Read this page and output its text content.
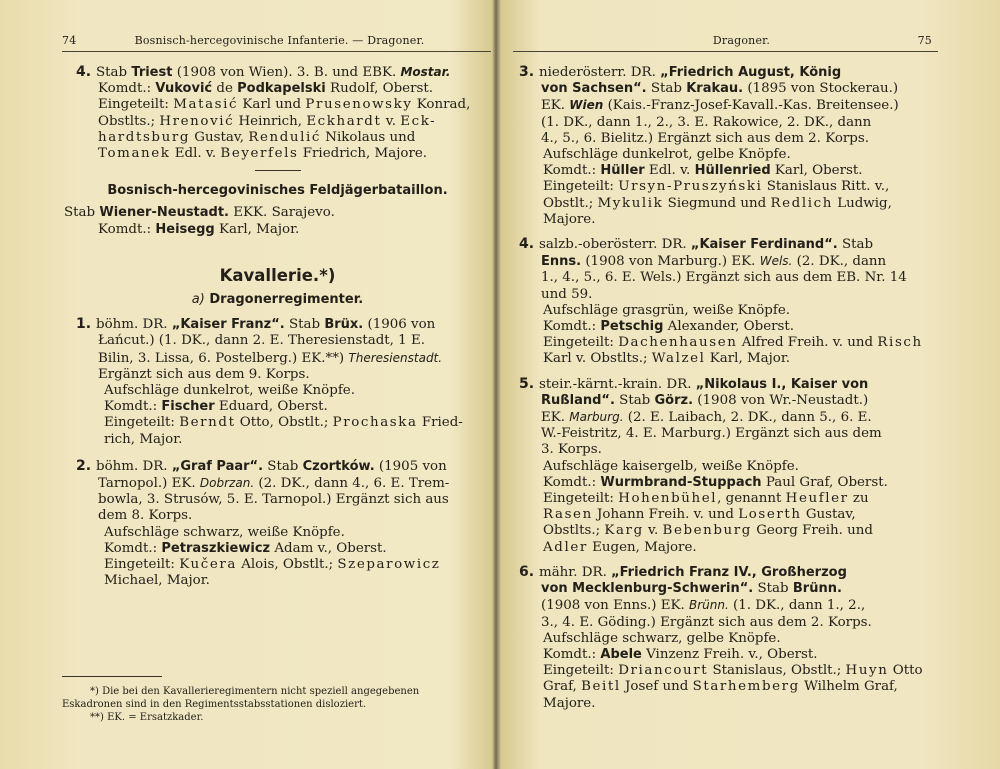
74	Bosnisch-hercegovinische Infanterie. — Dragoner.
4. Stab Triest (1908 von Wien). 3. B. und EBK. Mostar.
Komdt.: Vuković de Podkapelski Rudolf, Oberst.
Eingeteilt: Matasić Karl und Prusenowsky Konrad,
Obstlts.; Hrenović Heinrich, Eckhardt v. Eck-
hardtsburg Gustav, Rendulić Nikolaus und
Tomanek Edl. v. Beyerfels Friedrich, Majore.
Bosnisch-hercegovinisches Feldjägerbataillon.
Stab Wiener-Neustadt. EKK. Sarajevo.
Komdt.: Heisegg Karl, Major.
Kavallerie.*)
a) Dragonerregimenter.
1. böhm. DR. „Kaiser Franz“. Stab Brüx. (1906 von
Łańcut.) (1. DK., dann 2. E. Theresienstadt, 1 E.
Bilin, 3. Lissa, 6. Postelberg.) EK.**) Theresienstadt.
Ergänzt sich aus dem 9. Korps.
Aufschläge dunkelrot, weiße Knöpfe.
Komdt.: Fischer Eduard, Oberst.
Eingeteilt: Berndt Otto, Obstlt.; Prochaska Fried-
rich, Major.
2. böhm. DR. „Graf Paar“. Stab Czortków. (1905 von
Tarnopol.) EK. Dobrzan. (2. DK., dann 4., 6. E. Trem-
bowla, 3. Strusów, 5. E. Tarnopol.) Ergänzt sich aus
dem 8. Korps.
Aufschläge schwarz, weiße Knöpfe.
Komdt.: Petraszkiewicz Adam v., Oberst.
Eingeteilt: Kučera Alois, Obstlt.; Szeparowicz
Michael, Major.
*) Die bei den Kavallerieregimentern nicht speziell angegebenen
Eskadronen sind in den Regimentsstabsstationen disloziert.
**) EK. = Ersatzkader.
Dragoner.	75
3. niederösterr. DR. „Friedrich August, König
von Sachsen“. Stab Krakau. (1895 von Stockerau.)
EK. Wien (Kais.-Franz-Josef-Kavall.-Kas. Breitensee.)
(1. DK., dann 1., 2., 3. E. Rakowice, 2. DK., dann
4., 5., 6. Bielitz.) Ergänzt sich aus dem 2. Korps.
Aufschläge dunkelrot, gelbe Knöpfe.
Komdt.: Hüller Edl. v. Hüllenried Karl, Oberst.
Eingeteilt: Ursyn-Pruszyński Stanislaus Ritt. v.,
Obstlt.; Mykulik Siegmund und Redlich Ludwig,
Majore.
4. salzb.-oberösterr. DR. „Kaiser Ferdinand“. Stab
Enns. (1908 von Marburg.) EK. Wels. (2. DK., dann
1., 4., 5., 6. E. Wels.) Ergänzt sich aus dem EB. Nr. 14
und 59.
Aufschläge grasgrün, weiße Knöpfe.
Komdt.: Petschig Alexander, Oberst.
Eingeteilt: Dachenhausen Alfred Freih. v. und Risch
Karl v. Obstlts.; Walzel Karl, Major.
5. steir.-kärnt.-krain. DR. „Nikolaus I., Kaiser von
Rußland“. Stab Görz. (1908 von Wr.-Neustadt.)
EK. Marburg. (2. E. Laibach, 2. DK., dann 5., 6. E.
W.-Feistritz, 4. E. Marburg.) Ergänzt sich aus dem
3. Korps.
Aufschläge kaisergelb, weiße Knöpfe.
Komdt.: Wurmbrand-Stuppach Paul Graf, Oberst.
Eingeteilt: Hohenbühel, genannt Heufler zu
Rasen Johann Freih. v. und Loserth Gustav,
Obstlts.; Karg v. Bebenburg Georg Freih. und
Adler Eugen, Majore.
6. mähr. DR. „Friedrich Franz IV., Großherzog
von Mecklenburg-Schwerin“. Stab Brünn.
(1908 von Enns.) EK. Brünn. (1. DK., dann 1., 2.,
3., 4. E. Göding.) Ergänzt sich aus dem 2. Korps.
Aufschläge schwarz, gelbe Knöpfe.
Komdt.: Abele Vinzenz Freih. v., Oberst.
Eingeteilt: Driancourt Stanislaus, Obstlt.; Huyn Otto
Graf, Beitl Josef und Starhemberg Wilhelm Graf,
Majore.
